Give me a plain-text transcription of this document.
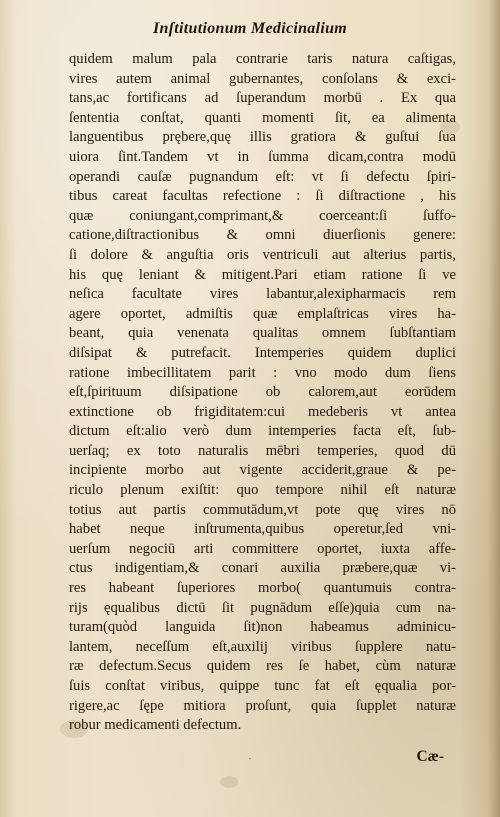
Inſtitutionum Medicinalium
quidem malum pala contrarie taris natura caſtigas,
vires autem animal gubernantes, conſolans & exci-
tans,ac fortificans ad ſuperandum morbū . Ex qua
ſententia conſtat, quanti momenti ſit, ea alimenta
languentibus prębere,quę illis gratiora & guſtui ſua
uiora ſint.Tandem vt in ſumma dicam,contra modū
operandi cauſæ pugnandum eſt: vt ſi defectu ſpiri-
tibus careat facultas refectione : ſi diſtractione , his
quæ coniungant,comprimant,& coerceant:ſi ſuffo-
catione,diſtractionibus & omni diuerſionis genere:
ſi dolore & anguſtia oris ventriculi aut alterius partis,
his quę leniant & mitigent.Pari etiam ratione ſi ve
neſica facultate vires labantur,alexipharmacis rem
agere oportet, admiſtis quæ emplaſtricas vires ha-
beant, quia venenata qualitas omnem ſubſtantiam
diſsipat & putrefacit. Intemperies quidem duplici
ratione imbecillitatem parit : vno modo dum ſiens
eſt,ſpirituum diſsipatione ob calorem,aut eorūdem
extinctione ob frigiditatem:cui medeberis vt antea
dictum eſt:alio verò dum intemperies facta eſt, ſub-
uerſaq; ex toto naturalis mēbri temperies, quod dū
incipiente morbo aut vigente acciderit,graue & pe-
riculo plenum exiſtit: quo tempore nihil eſt naturæ
totius aut partis commutādum,vt pote quę vires nō
habet neque inſtrumenta,quibus operetur,ſed vni-
uerſum negociū arti committere oportet, iuxta affe-
ctus indigentiam,& conari auxilia præbere,quæ vi-
res habeant ſuperiores morbo( quantumuis contra-
rijs ęqualibus dictū ſit pugnādum eſſe)quia cum na-
turam(quòd languida ſit)non habeamus adminicu-
lantem, neceſſum eſt,auxilij viribus ſupplere natu-
ræ defectum.Secus quidem res ſe habet, cùm naturæ
ſuis conſtat viribus, quippe tunc fat eſt ęqualia por-
rigere,ac ſępe mitiora proſunt, quia ſupplet naturæ
robur medicamenti defectum.
·	Cæ-
